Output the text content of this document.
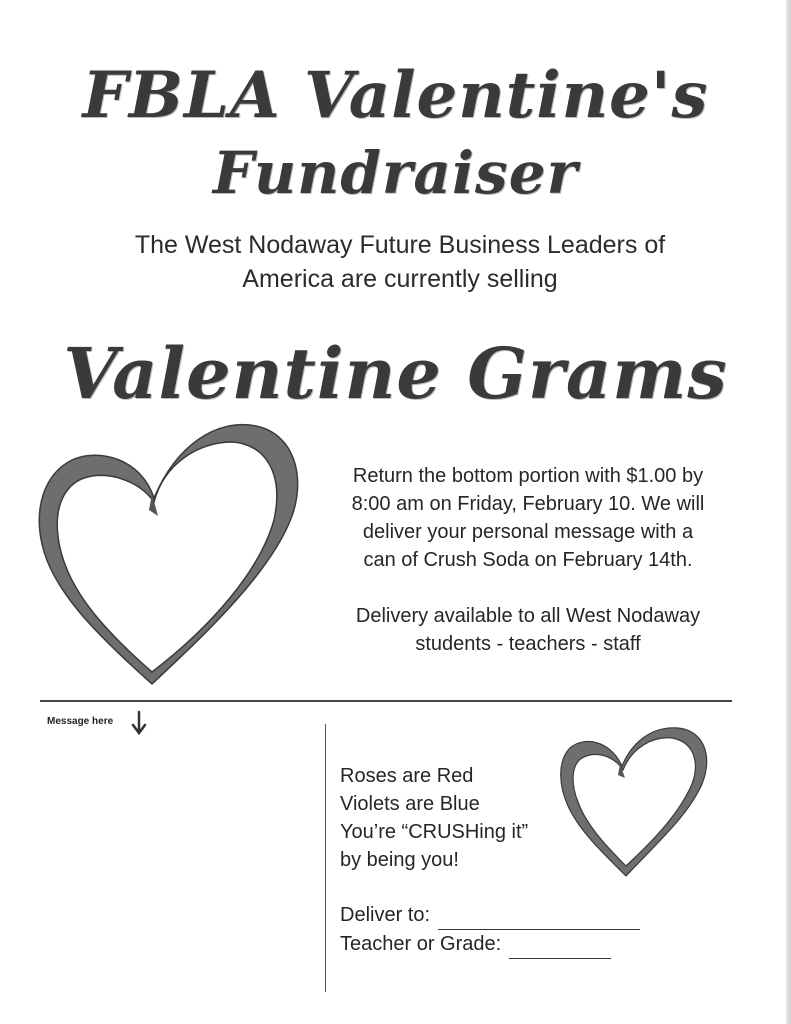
FBLA Valentine's
Fundraiser
The West Nodaway Future Business Leaders of
America are currently selling
Valentine Grams

Return the bottom portion with $1.00 by

8:00 am on Friday, February 10. We will

deliver your personal message with a

can of Crush Soda on February 14th.

Delivery available to all West Nodaway

students - teachers - staff

Message here
Roses are Red
Violets are Blue
You’re “CRUSHing it”
by being you!
Deliver to:
Teacher or Grade:
